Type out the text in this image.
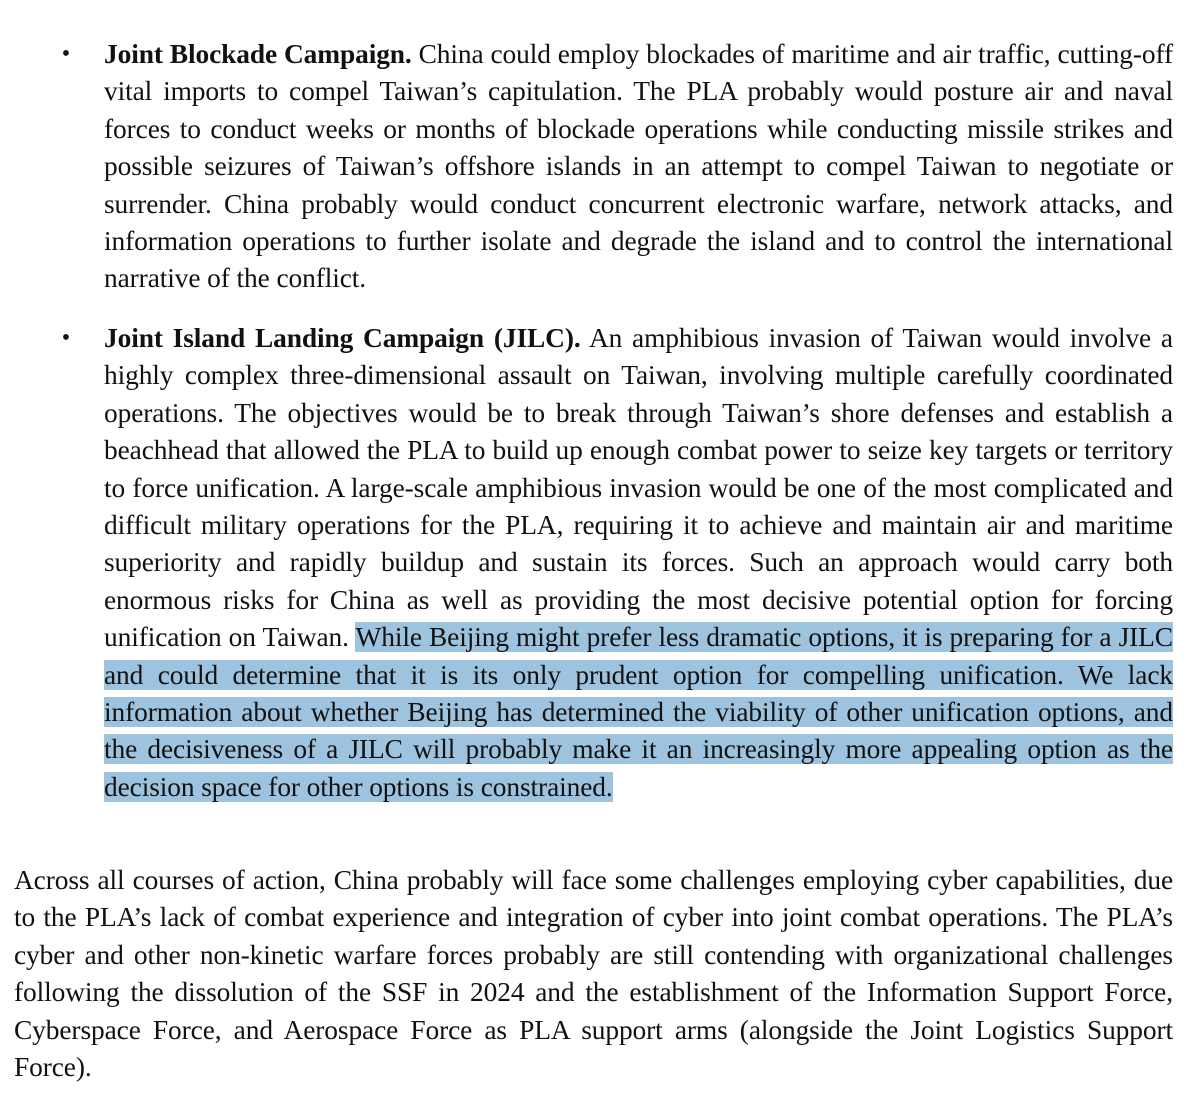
• Joint Blockade Campaign. China could employ blockades of maritime and air traffic, cutting-off vital imports to compel Taiwan’s capitulation. The PLA probably would posture air and naval forces to conduct weeks or months of blockade operations while conducting missile strikes and possible seizures of Taiwan’s offshore islands in an attempt to compel Taiwan to negotiate or surrender. China probably would conduct concurrent electronic warfare, network attacks, and information operations to further isolate and degrade the island and to control the international narrative of the conflict.
• Joint Island Landing Campaign (JILC). An amphibious invasion of Taiwan would involve a highly complex three-dimensional assault on Taiwan, involving multiple carefully coordinated operations. The objectives would be to break through Taiwan’s shore defenses and establish a beachhead that allowed the PLA to build up enough combat power to seize key targets or territory to force unification. A large-scale amphibious invasion would be one of the most complicated and difficult military operations for the PLA, requiring it to achieve and maintain air and maritime superiority and rapidly buildup and sustain its forces. Such an approach would carry both enormous risks for China as well as providing the most decisive potential option for forcing unification on Taiwan. While Beijing might prefer less dramatic options, it is preparing for a JILC and could determine that it is its only prudent option for compelling unification. We lack information about whether Beijing has determined the viability of other unification options, and the decisiveness of a JILC will probably make it an increasingly more appealing option as the decision space for other options is constrained.

Across all courses of action, China probably will face some challenges employing cyber capabilities, due to the PLA’s lack of combat experience and integration of cyber into joint combat operations. The PLA’s cyber and other non-kinetic warfare forces probably are still contending with organizational challenges following the dissolution of the SSF in 2024 and the establishment of the Information Support Force, Cyberspace Force, and Aerospace Force as PLA support arms (alongside the Joint Logistics Support Force).
